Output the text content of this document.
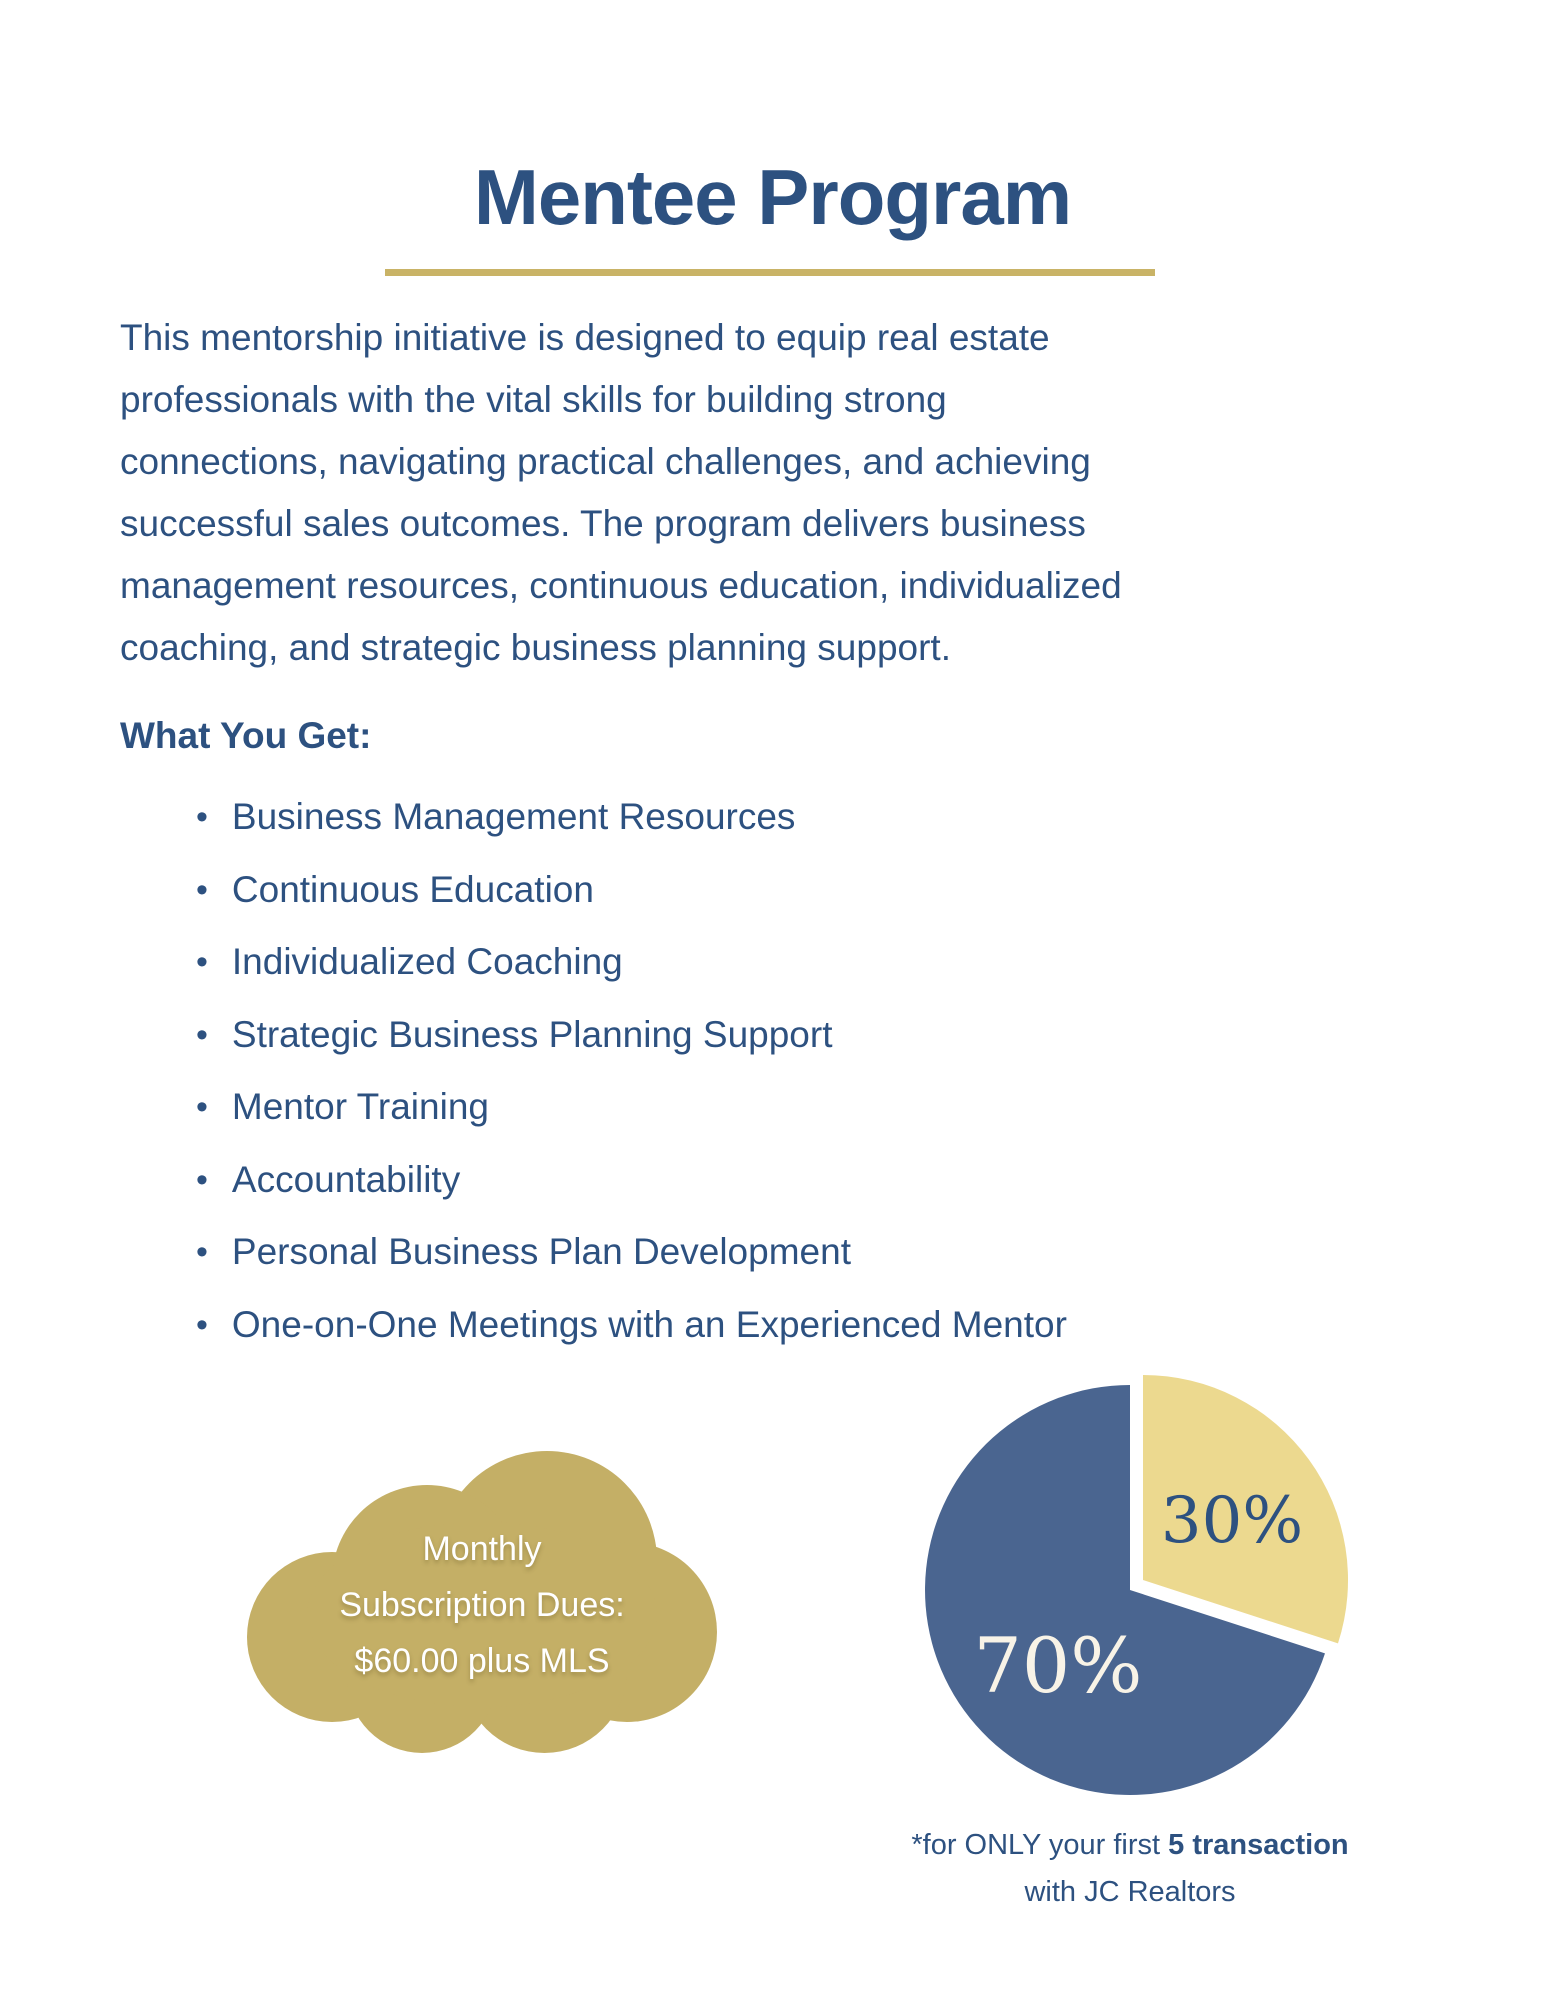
Mentee Program
This mentorship initiative is designed to equip real estate
professionals with the vital skills for building strong
connections, navigating practical challenges, and achieving
successful sales outcomes. The program delivers business
management resources, continuous education, individualized
coaching, and strategic business planning support.
What You Get:
• Business Management Resources
• Continuous Education
• Individualized Coaching
• Strategic Business Planning Support
• Mentor Training
• Accountability
• Personal Business Plan Development
• One-on-One Meetings with an Experienced Mentor
Monthly
Subscription Dues:
$60.00 plus MLS	70%
30%
*for ONLY your first 5 transaction
with JC Realtors
